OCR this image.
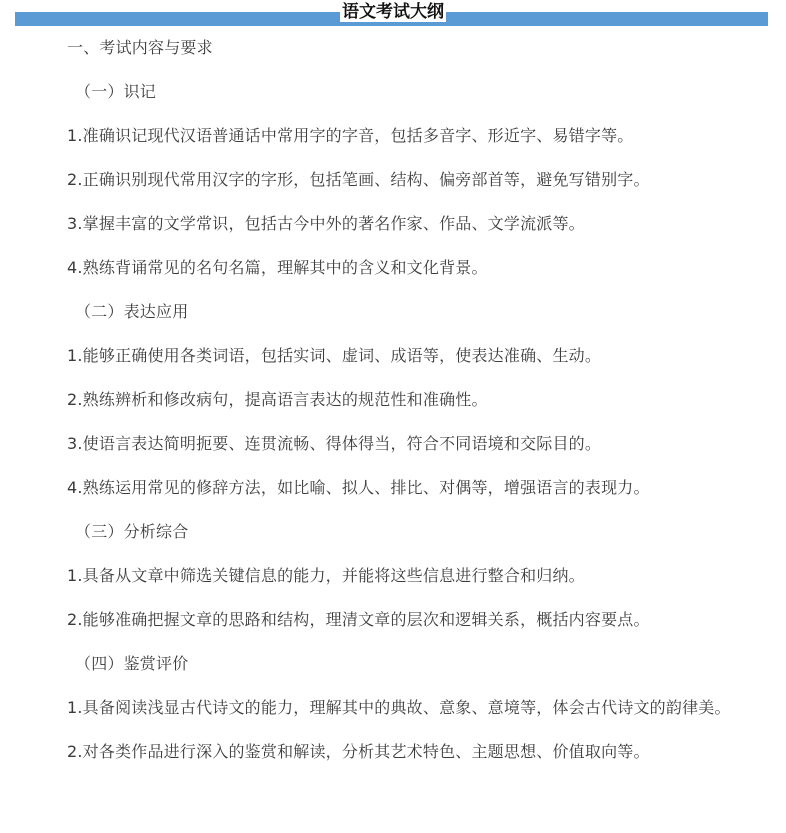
语文考试大纲
一、考试内容与要求
（一）识记
1.准确识记现代汉语普通话中常用字的字音，包括多音字、形近字、易错字等。
2.正确识别现代常用汉字的字形，包括笔画、结构、偏旁部首等，避免写错别字。
3.掌握丰富的文学常识，包括古今中外的著名作家、作品、文学流派等。
4.熟练背诵常见的名句名篇，理解其中的含义和文化背景。
（二）表达应用
1.能够正确使用各类词语，包括实词、虚词、成语等，使表达准确、生动。
2.熟练辨析和修改病句，提高语言表达的规范性和准确性。
3.使语言表达简明扼要、连贯流畅、得体得当，符合不同语境和交际目的。
4.熟练运用常见的修辞方法，如比喻、拟人、排比、对偶等，增强语言的表现力。
（三）分析综合
1.具备从文章中筛选关键信息的能力，并能将这些信息进行整合和归纳。
2.能够准确把握文章的思路和结构，理清文章的层次和逻辑关系，概括内容要点。
（四）鉴赏评价
1.具备阅读浅显古代诗文的能力，理解其中的典故、意象、意境等，体会古代诗文的韵律美。
2.对各类作品进行深入的鉴赏和解读，分析其艺术特色、主题思想、价值取向等。
